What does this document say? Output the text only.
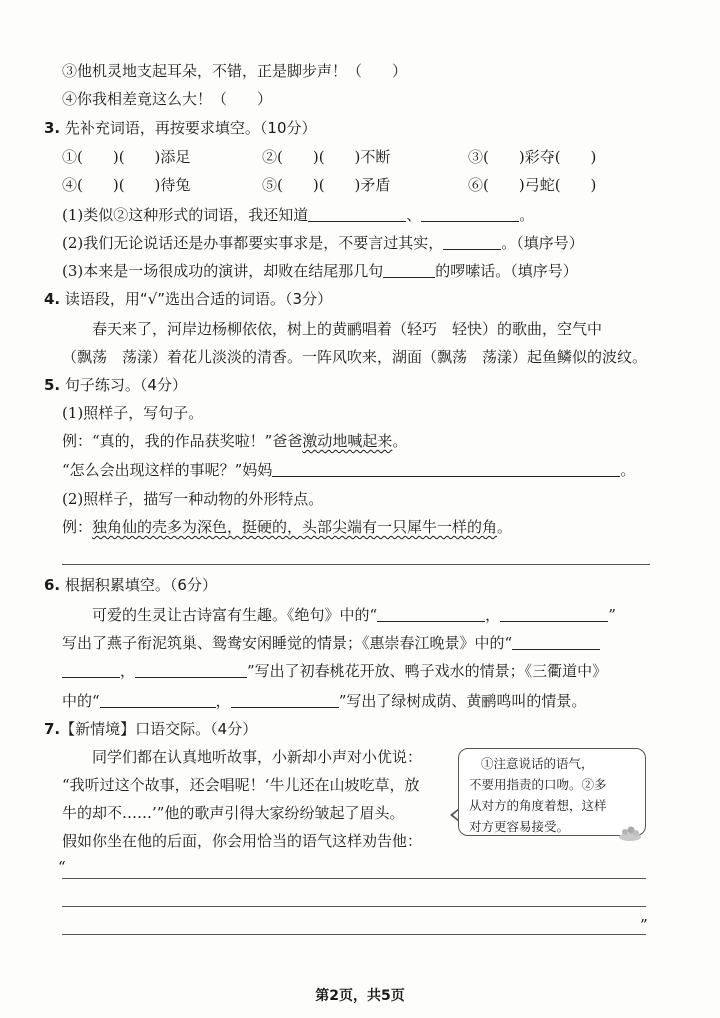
③他机灵地支起耳朵，不错，正是脚步声！（　　）
④你我相差竟这么大！（　　）
3. 先补充词语，再按要求填空。（10分）
①(　　)(　　)添足	②(　　)(　　)不断	③(　　)彩夺(　　)
④(　　)(　　)待兔	⑤(　　)(　　)矛盾	⑥(　　)弓蛇(　　)
(1)类似②这种形式的词语，我还知道	、	。
(2)我们无论说话还是办事都要实事求是，不要言过其实，	。（填序号）
(3)本来是一场很成功的演讲，却败在结尾那几句	的啰嗦话。（填序号）
4. 读语段，用“√”选出合适的词语。（3分）
春天来了，河岸边杨柳依依，树上的黄鹂唱着（轻巧　轻快）的歌曲，空气中
（飘荡　荡漾）着花儿淡淡的清香。一阵风吹来，湖面（飘荡　荡漾）起鱼鳞似的波纹。
5. 句子练习。（4分）
(1)照样子，写句子。
例：“真的，我的作品获奖啦！”爸爸激动地喊起来。
“怎么会出现这样的事呢？”妈妈	。
(2)照样子，描写一种动物的外形特点。
例：独角仙的壳多为深色，挺硬的，头部尖端有一只犀牛一样的角。
6. 根据积累填空。（6分）
可爱的生灵让古诗富有生趣。《绝句》中的“	，	”
写出了燕子衔泥筑巢、鸳鸯安闲睡觉的情景；《惠崇春江晚景》中的“
，	”写出了初春桃花开放、鸭子戏水的情景；《三衢道中》
中的“	，	”写出了绿树成荫、黄鹂鸣叫的情景。
7.【新情境】口语交际。（4分）
同学们都在认真地听故事，小新却小声对小优说：
“我听过这个故事，还会唱呢！‘牛儿还在山坡吃草，放
牛的却不……’”他的歌声引得大家纷纷皱起了眉头。
假如你坐在他的后面，你会用恰当的语气这样劝告他：
①注意说话的语气，
不要用指责的口吻。②多
从对方的角度着想，这样
对方更容易接受。
“
”
第2页，共5页
